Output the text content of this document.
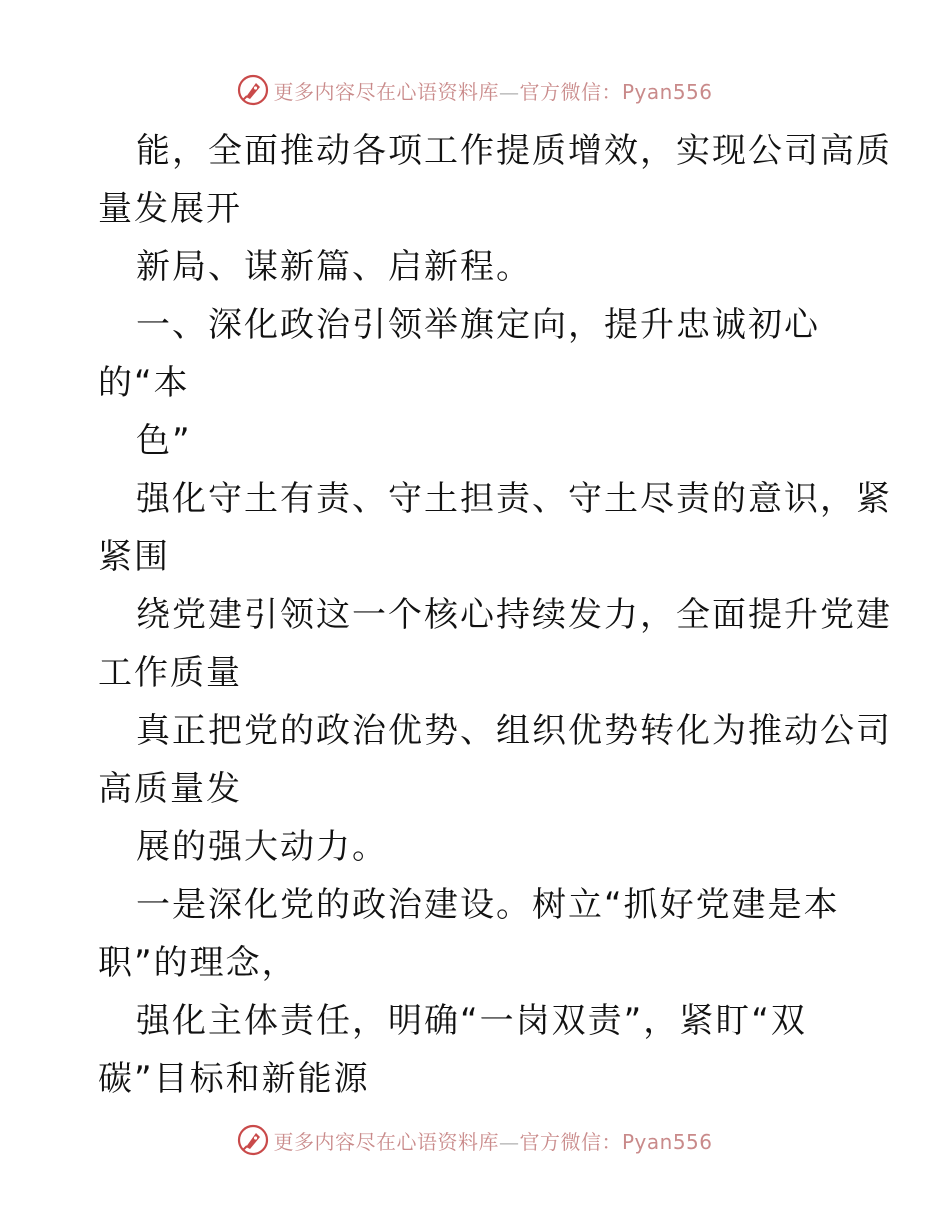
更多内容尽在心语资料库—官方微信：Pyan556
能，全面推动各项工作提质增效，实现公司高质
量发展开
新局、谋新篇、启新程。
一、深化政治引领举旗定向，提升忠诚初心
的“本
色”
强化守土有责、守土担责、守土尽责的意识，紧
紧围
绕党建引领这一个核心持续发力，全面提升党建
工作质量
真正把党的政治优势、组织优势转化为推动公司
高质量发
展的强大动力。
一是深化党的政治建设。树立“抓好党建是本
职”的理念，
强化主体责任，明确“一岗双责”，紧盯“双
碳”目标和新能源
更多内容尽在心语资料库—官方微信：Pyan556
